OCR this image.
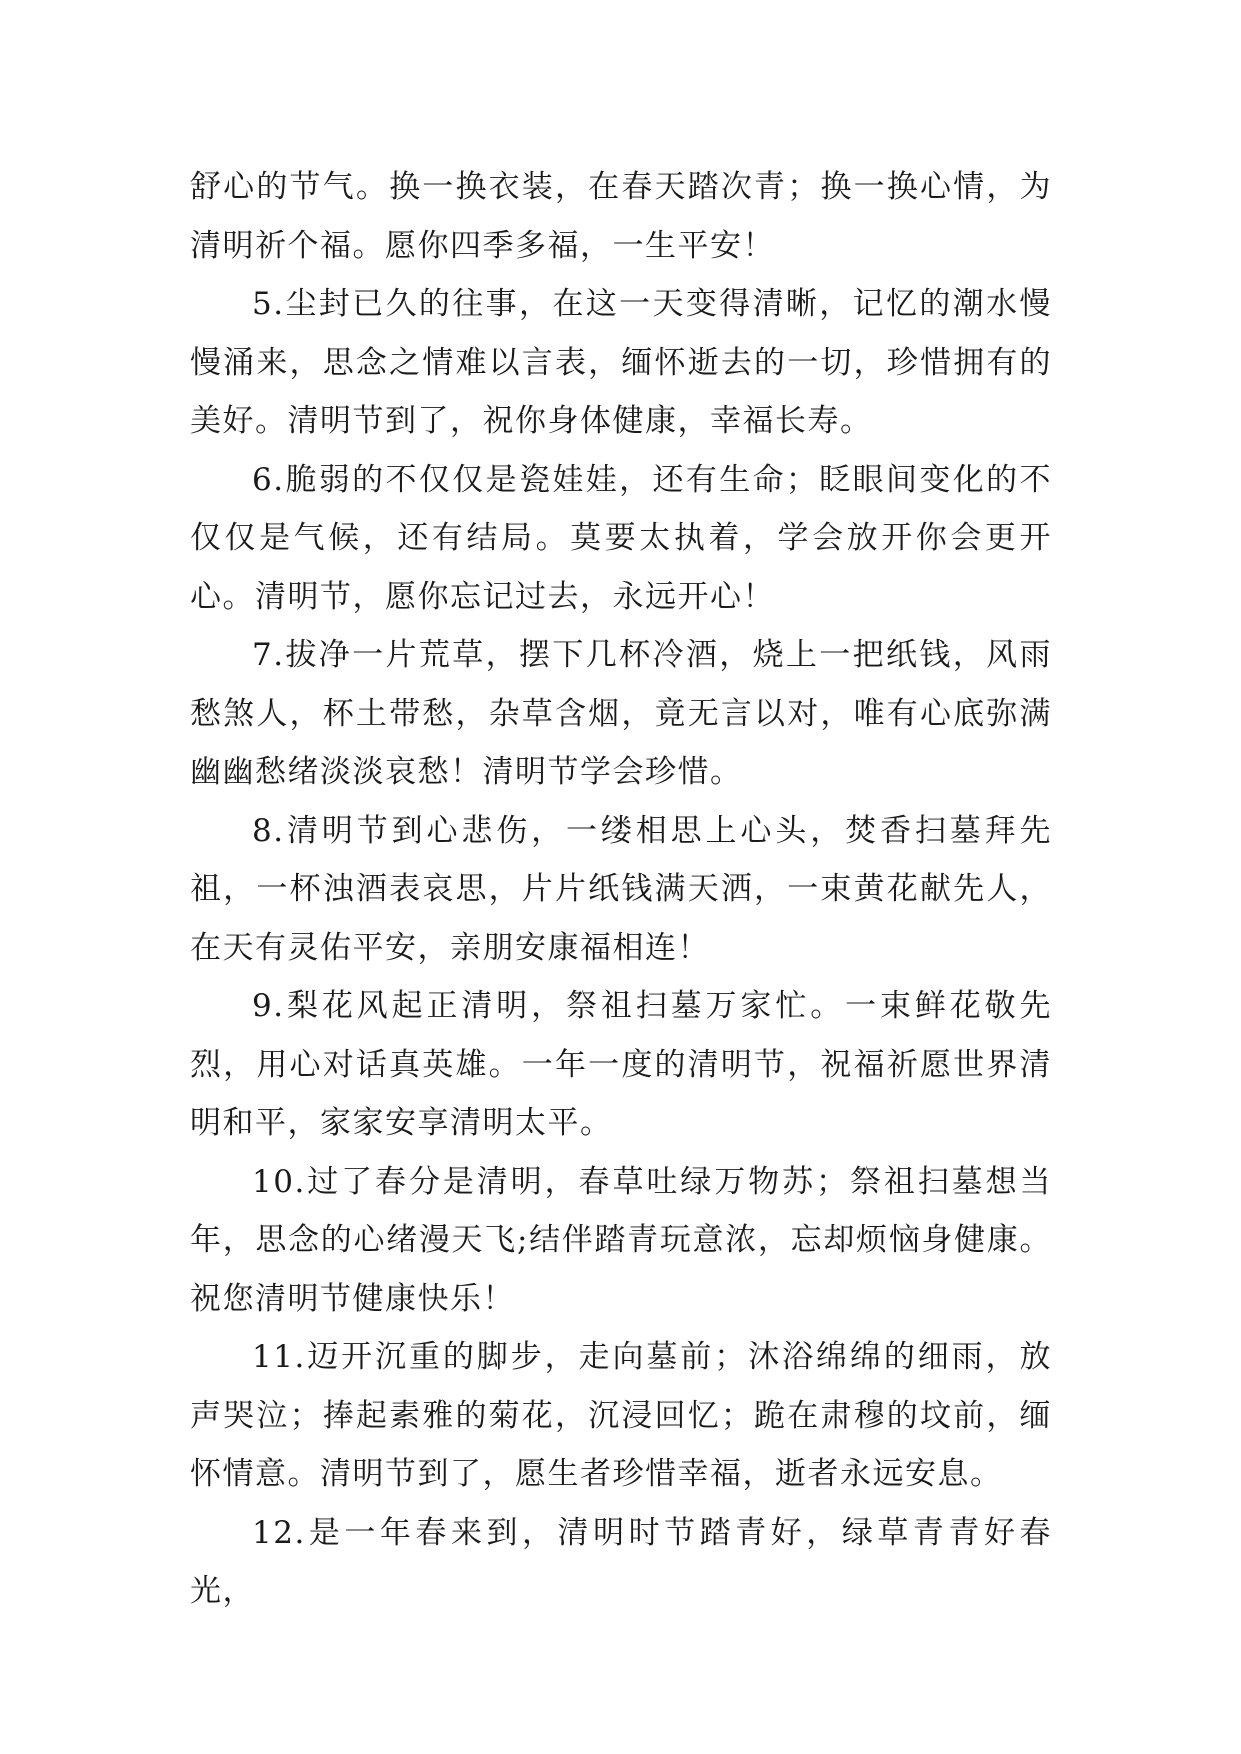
舒心的节气。换一换衣装，在春天踏次青；换一换心情，为清明祈个福。愿你四季多福，一生平安！

5.尘封已久的往事，在这一天变得清晰，记忆的潮水慢慢涌来，思念之情难以言表，缅怀逝去的一切，珍惜拥有的美好。清明节到了，祝你身体健康，幸福长寿。

6.脆弱的不仅仅是瓷娃娃，还有生命；眨眼间变化的不仅仅是气候，还有结局。莫要太执着，学会放开你会更开心。清明节，愿你忘记过去，永远开心！

7.拔净一片荒草，摆下几杯冷酒，烧上一把纸钱，风雨愁煞人，杯土带愁，杂草含烟，竟无言以对，唯有心底弥满幽幽愁绪淡淡哀愁！清明节学会珍惜。

8.清明节到心悲伤，一缕相思上心头，焚香扫墓拜先祖，一杯浊酒表哀思，片片纸钱满天洒，一束黄花献先人，在天有灵佑平安，亲朋安康福相连！

9.梨花风起正清明，祭祖扫墓万家忙。一束鲜花敬先烈，用心对话真英雄。一年一度的清明节，祝福祈愿世界清明和平，家家安享清明太平。

10.过了春分是清明，春草吐绿万物苏；祭祖扫墓想当年，思念的心绪漫天飞;结伴踏青玩意浓，忘却烦恼身健康。祝您清明节健康快乐！

11.迈开沉重的脚步，走向墓前；沐浴绵绵的细雨，放声哭泣；捧起素雅的菊花，沉浸回忆；跪在肃穆的坟前，缅怀情意。清明节到了，愿生者珍惜幸福，逝者永远安息。

12.是一年春来到，清明时节踏青好，绿草青青好春光，
